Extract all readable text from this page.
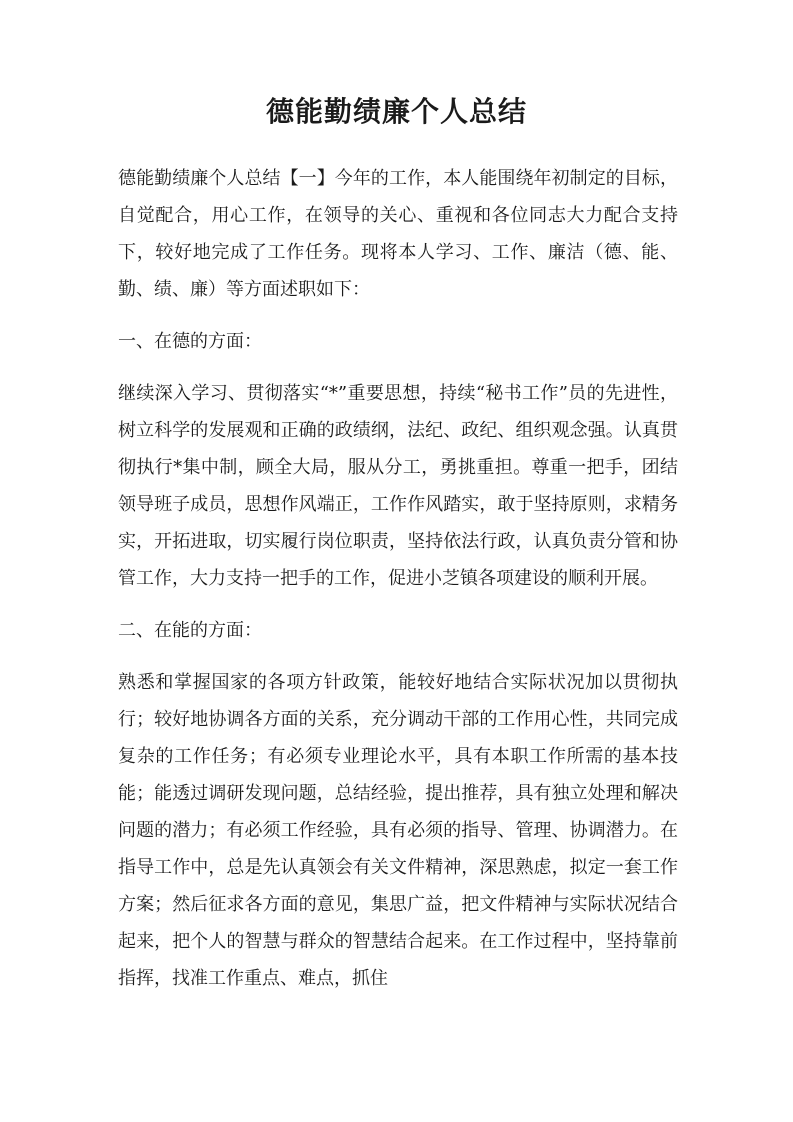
德能勤绩廉个人总结

德能勤绩廉个人总结【一】今年的工作，本人能围绕年初制定的目标，自觉配合，用心工作，在领导的关心、重视和各位同志大力配合支持下，较好地完成了工作任务。现将本人学习、工作、廉洁（德、能、勤、绩、廉）等方面述职如下：

一、在德的方面：

继续深入学习、贯彻落实“*”重要思想，持续“秘书工作”员的先进性，树立科学的发展观和正确的政绩纲，法纪、政纪、组织观念强。认真贯彻执行*集中制，顾全大局，服从分工，勇挑重担。尊重一把手，团结领导班子成员，思想作风端正，工作作风踏实，敢于坚持原则，求精务实，开拓进取，切实履行岗位职责，坚持依法行政，认真负责分管和协管工作，大力支持一把手的工作，促进小芝镇各项建设的顺利开展。

二、在能的方面：

熟悉和掌握国家的各项方针政策，能较好地结合实际状况加以贯彻执行；较好地协调各方面的关系，充分调动干部的工作用心性，共同完成复杂的工作任务；有必须专业理论水平，具有本职工作所需的基本技能；能透过调研发现问题，总结经验，提出推荐，具有独立处理和解决问题的潜力；有必须工作经验，具有必须的指导、管理、协调潜力。在指导工作中，总是先认真领会有关文件精神，深思熟虑，拟定一套工作方案；然后征求各方面的意见，集思广益，把文件精神与实际状况结合起来，把个人的智慧与群众的智慧结合起来。在工作过程中，坚持靠前指挥，找准工作重点、难点，抓住
